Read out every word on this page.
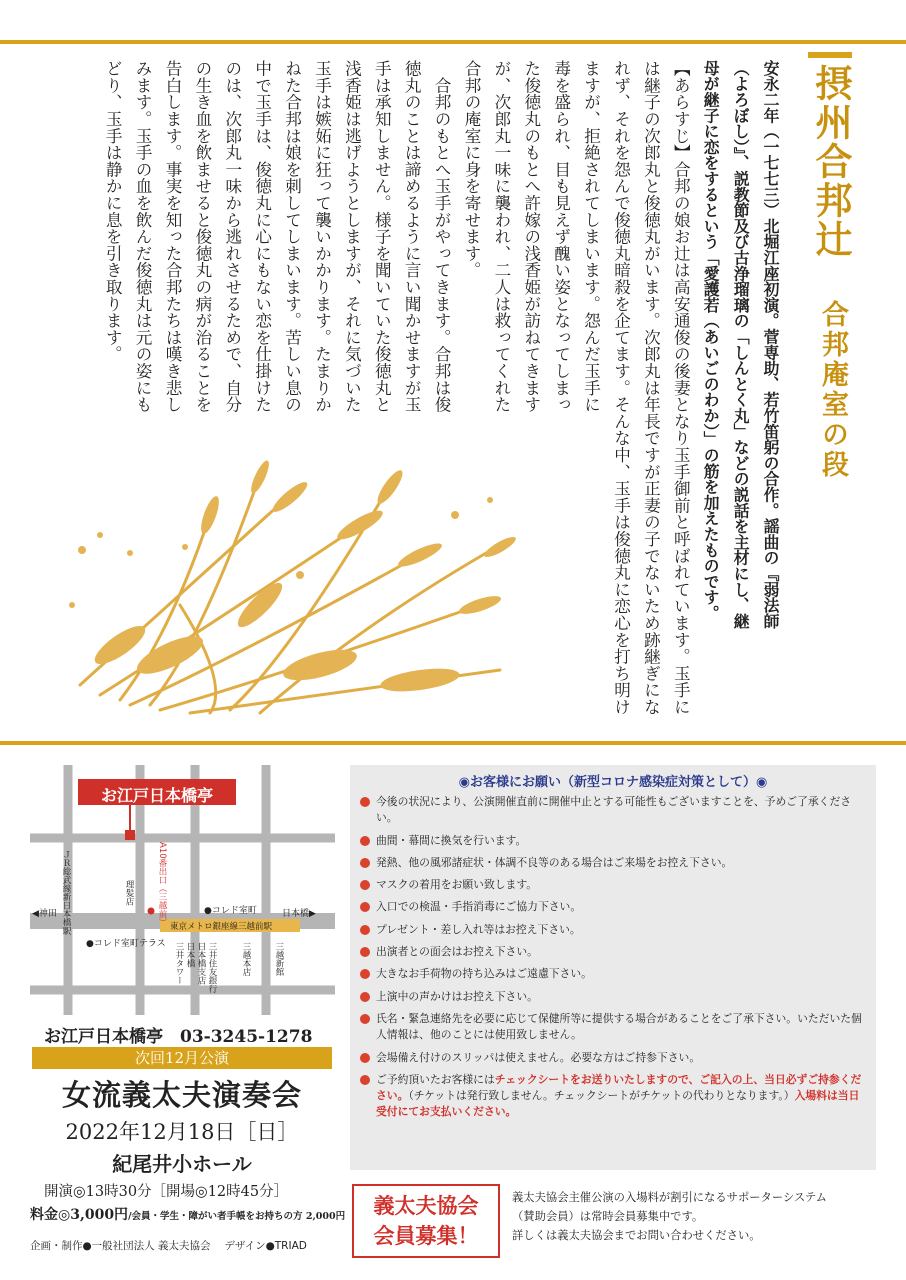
摂州合邦辻
合邦庵室の段
安永二年（一七七三）北堀江座初演。菅専助、若竹笛躬の合作。謡曲の『弱法師
（よろぼし）』、説教節及び古浄瑠璃の「しんとく丸」などの説話を主材にし、継
母が継子に恋をするという「愛護若（あいごのわか）」の筋を加えたものです。
【あらすじ】合邦の娘お辻は高安通俊の後妻となり玉手御前と呼ばれています。玉手に
は継子の次郎丸と俊徳丸がいます。次郎丸は年長ですが正妻の子でないため跡継ぎにな
れず、それを怨んで俊徳丸暗殺を企てます。そんな中、玉手は俊徳丸に恋心を打ち明け
ますが、拒絶されてしまいます。怨んだ玉手に
毒を盛られ、目も見えず醜い姿となってしまっ
た俊徳丸のもとへ許嫁の浅香姫が訪ねてきます
が、次郎丸一味に襲われ、二人は救ってくれた
合邦の庵室に身を寄せます。
　合邦のもとへ玉手がやってきます。合邦は俊
徳丸のことは諦めるように言い聞かせますが玉
手は承知しません。様子を聞いていた俊徳丸と
浅香姫は逃げようとしますが、それに気づいた
玉手は嫉妬に狂って襲いかかります。たまりか
ねた合邦は娘を刺してしまいます。苦しい息の
中で玉手は、俊徳丸に心にもない恋を仕掛けた
のは、次郎丸一味から逃れさせるためで、自分
の生き血を飲ませると俊徳丸の病が治ることを
告白します。事実を知った合邦たちは嘆き悲し
みます。玉手の血を飲んだ俊徳丸は元の姿にも
どり、玉手は静かに息を引き取ります。
お江戸日本橋亭
ＪＲ総武線新日本橋駅
◀神田	日本橋▶
理髪店	A10番出口（三越前）	●コレド室町
東京メトロ銀座線三越前駅
●コレド室町テラス	三井住友銀行
日本橋支店
日本橋
三井タワー	三越本店	三越新館
お江戸日本橋亭　03-3245-1278
次回12月公演
女流義太夫演奏会
2022年12月18日［日］
紀尾井小ホール
開演◎13時30分［開場◎12時45分］
料金◎3,000円/会員・学生・障がい者手帳をお持ちの方 2,000円
企画・制作●一般社団法人 義太夫協会　 デザイン●TRIAD
◉お客様にお願い（新型コロナ感染症対策として）◉
今後の状況により、公演開催直前に開催中止とする可能性もございますことを、予めご了承ください。
曲間・幕間に換気を行います。
発熱、他の風邪諸症状・体調不良等のある場合はご来場をお控え下さい。
マスクの着用をお願い致します。
入口での検温・手指消毒にご協力下さい。
プレゼント・差し入れ等はお控え下さい。
出演者との面会はお控え下さい。
大きなお手荷物の持ち込みはご遠慮下さい。
上演中の声かけはお控え下さい。
氏名・緊急連絡先を必要に応じて保健所等に提供する場合があることをご了承下さい。いただいた個人情報は、他のことには使用致しません。
会場備え付けのスリッパは使えません。必要な方はご持参下さい。
ご予約頂いたお客様にはチェックシートをお送りいたしますので、ご記入の上、当日必ずご持参ください。（チケットは発行致しません。チェックシートがチケットの代わりとなります。）入場料は当日受付にてお支払いください。
義太夫協会
会員募集！
義太夫協会主催公演の入場料が割引になるサポーターシステム
（賛助会員）は常時会員募集中です。
詳しくは義太夫協会までお問い合わせください。
